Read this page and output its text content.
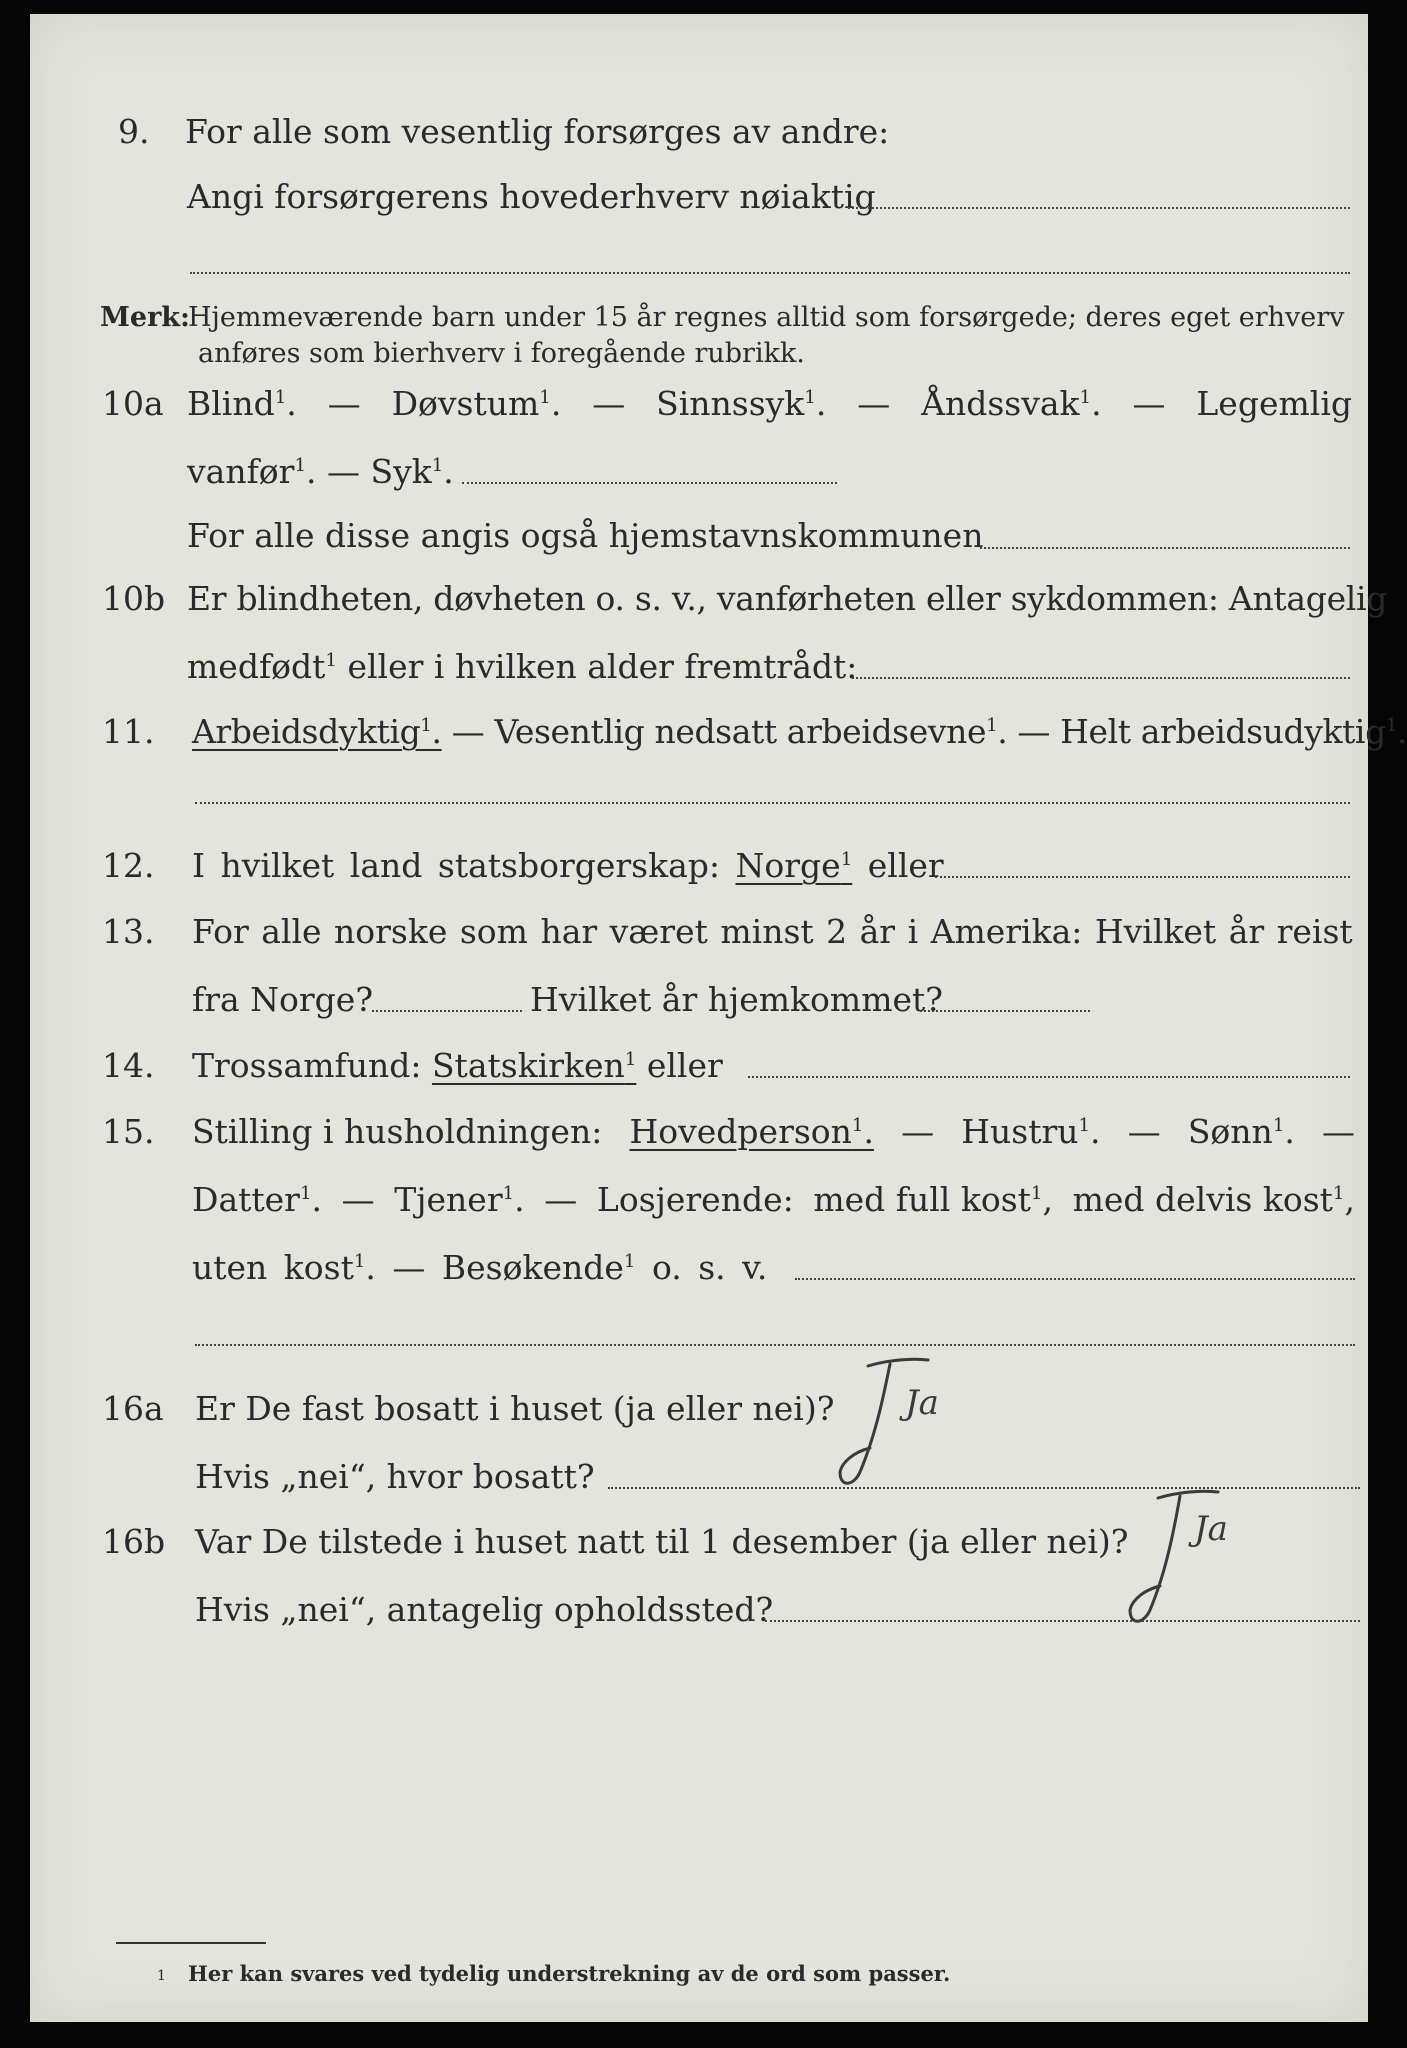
9. For alle som vesentlig forsørges av andre:
Angi forsørgerens hovederhverv nøiaktig
Merk:
Hjemmeværende barn under 15 år regnes alltid som forsørgede; deres eget erhverv
anføres som bierhverv i foregående rubrikk.
10a Blind$^1$. — Døvstum$^1$. — Sinnssyk$^1$. — Åndssvak$^1$. — Legemlig
vanfør$^1$. — Syk$^1$.
For alle disse angis også hjemstavnskommunen
10b Er blindheten, døvheten o. s. v., vanførheten eller sykdommen: Antagelig
medfødt$^1$ eller i hvilken alder fremtrådt:
11. Arbeidsdyktig$^1$. — Vesentlig nedsatt arbeidsevne$^1$. — Helt arbeidsudyktig$^1$.
12. I hvilket land statsborgerskap: Norge$^1$ eller
13. For alle norske som har været minst 2 år i Amerika: Hvilket år reist
fra Norge?	Hvilket år hjemkommet?
14. Trossamfund: Statskirken$^1$ eller
15. Stilling i husholdningen: Hovedperson$^1$. — Hustru$^1$. — Sønn$^1$. —
Datter$^1$. — Tjener$^1$. — Losjerende: med full kost$^1$, med delvis kost$^1$,
uten kost$^1$. — Besøkende$^1$ o. s. v.
16a Er De fast bosatt i huset (ja eller nei)? Ja
Hvis „nei“, hvor bosatt?
16b Var De tilstede i huset natt til 1 desember (ja eller nei)? Ja
Hvis „nei“, antagelig opholdssted?
1 Her kan svares ved tydelig understrekning av de ord som passer.
